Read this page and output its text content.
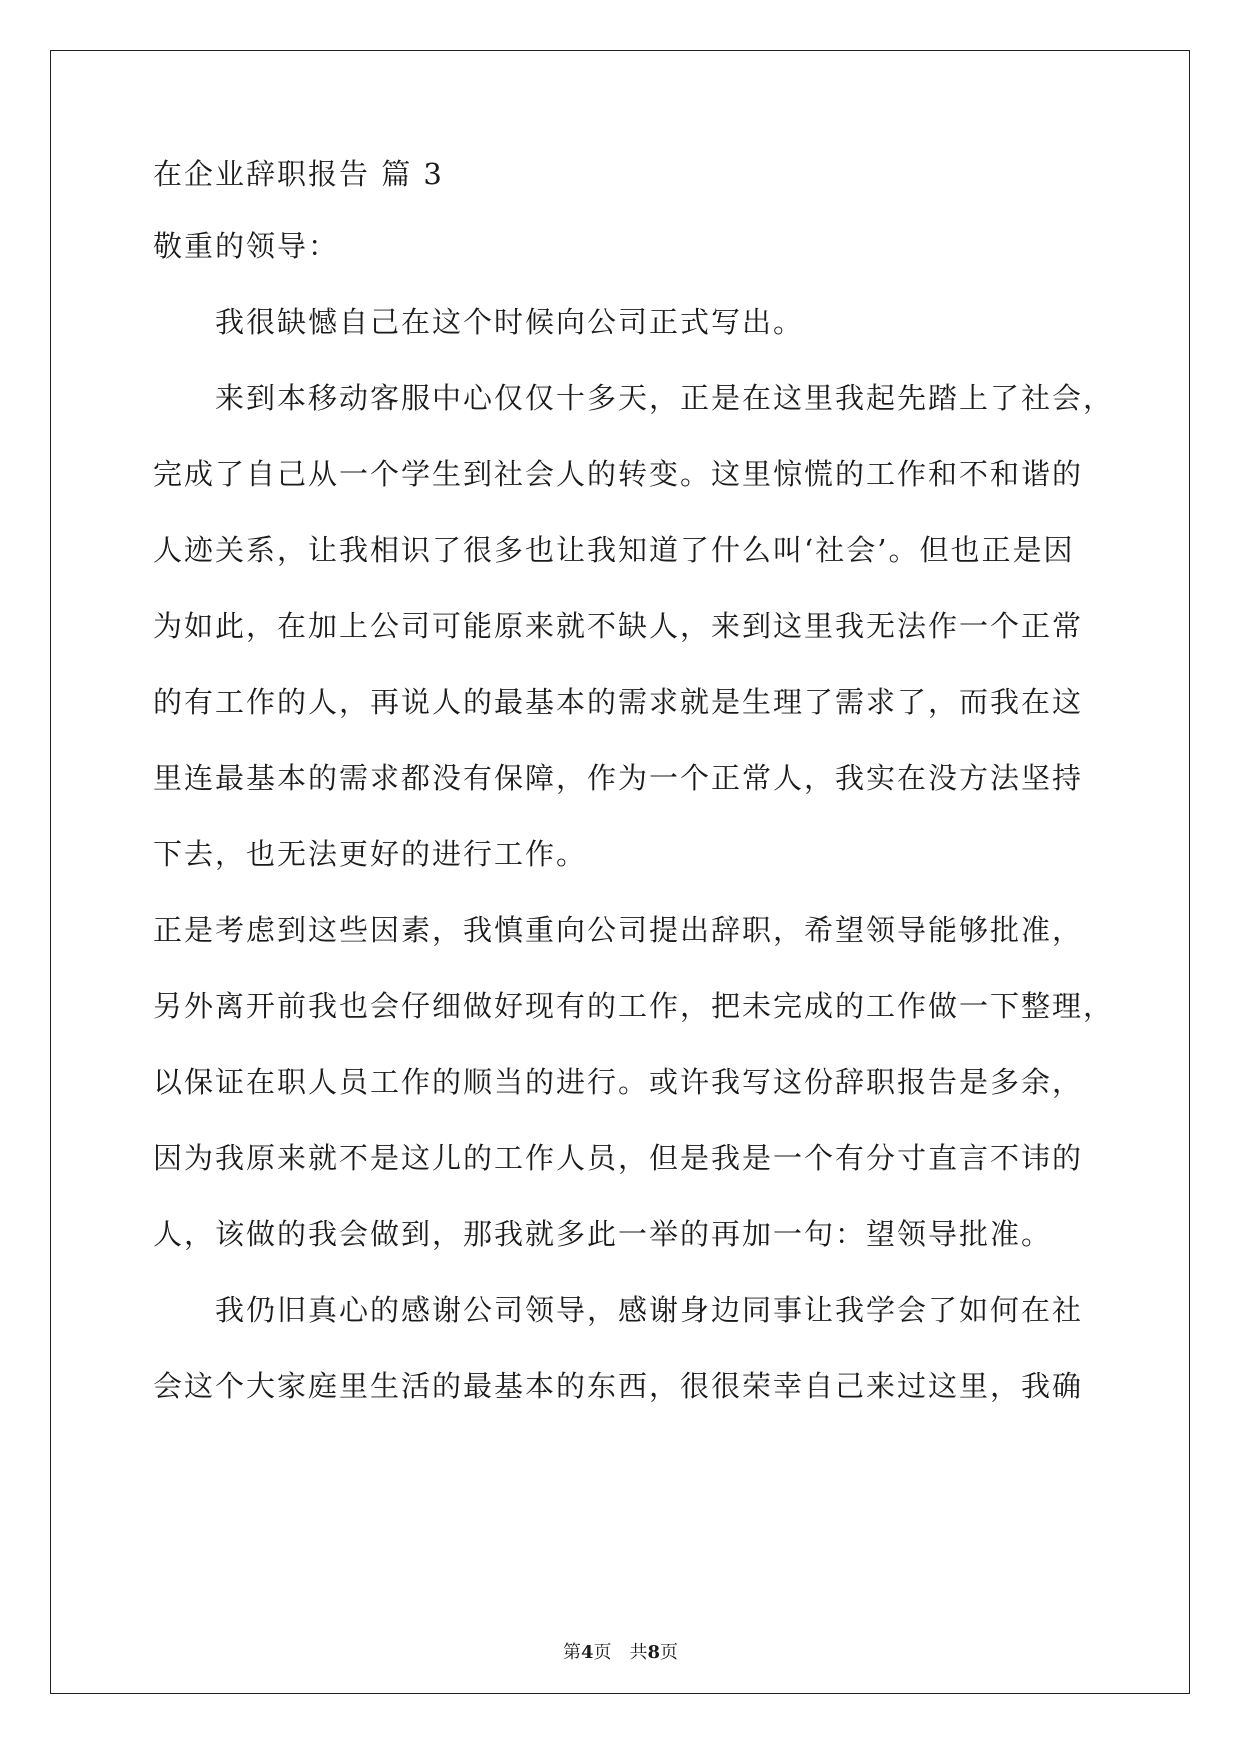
在企业辞职报告 篇 3
敬重的领导：
我很缺憾自己在这个时候向公司正式写出。
来到本移动客服中心仅仅十多天，正是在这里我起先踏上了社会，
完成了自己从一个学生到社会人的转变。这里惊慌的工作和不和谐的
人迹关系，让我相识了很多也让我知道了什么叫‘社会’。但也正是因
为如此，在加上公司可能原来就不缺人，来到这里我无法作一个正常
的有工作的人，再说人的最基本的需求就是生理了需求了，而我在这
里连最基本的需求都没有保障，作为一个正常人，我实在没方法坚持
下去，也无法更好的进行工作。
正是考虑到这些因素，我慎重向公司提出辞职，希望领导能够批准，
另外离开前我也会仔细做好现有的工作，把未完成的工作做一下整理，
以保证在职人员工作的顺当的进行。或许我写这份辞职报告是多余，
因为我原来就不是这儿的工作人员，但是我是一个有分寸直言不讳的
人，该做的我会做到，那我就多此一举的再加一句：望领导批准。
我仍旧真心的感谢公司领导，感谢身边同事让我学会了如何在社
会这个大家庭里生活的最基本的东西，很很荣幸自己来过这里，我确
第4页　共8页
